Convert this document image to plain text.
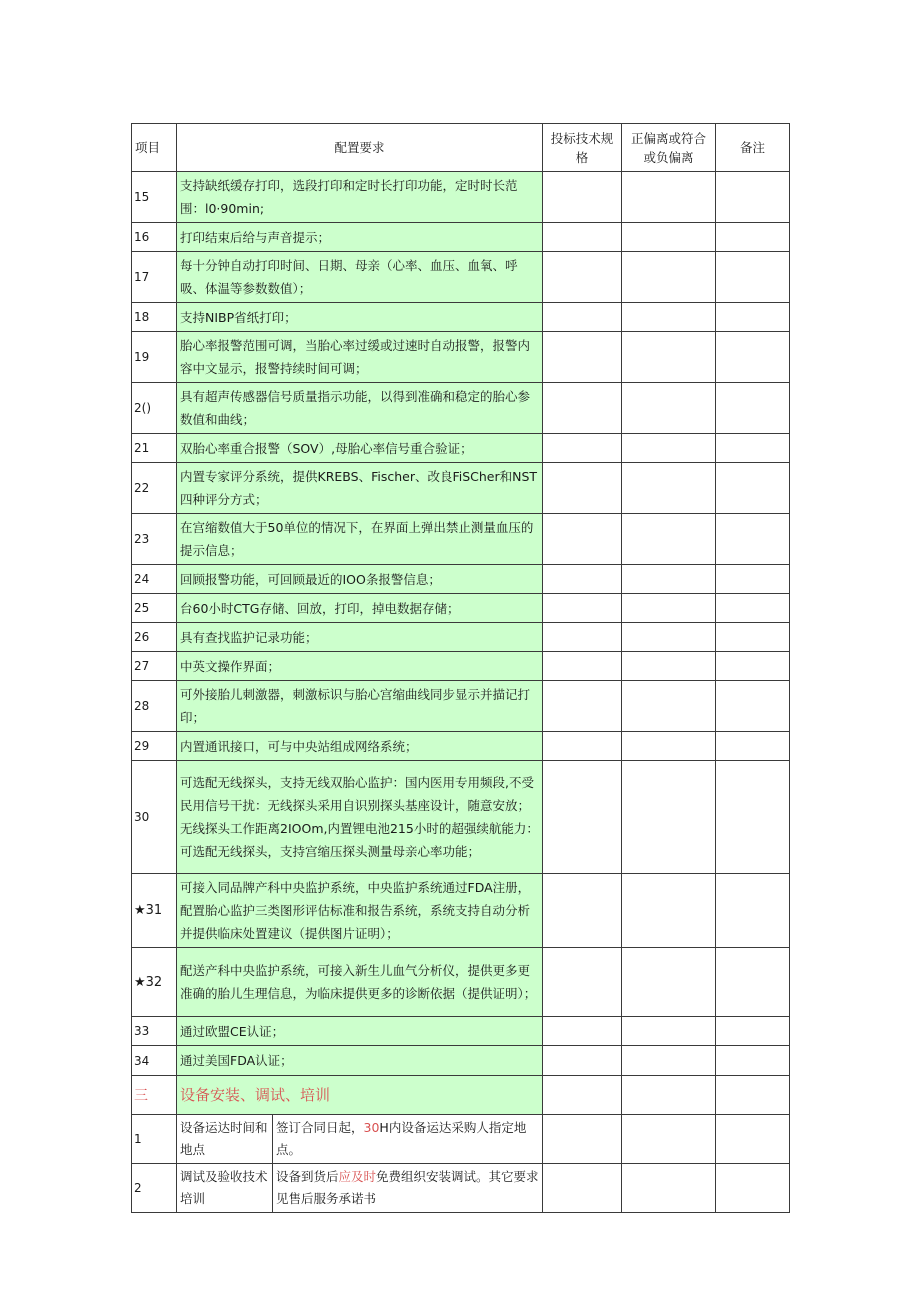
项目	配置要求		投标技术规格	正偏离或符合或负偏离	备注
15	支持缺纸缓存打印，选段打印和定时长打印功能，定时时长范围：l0·90min;				
16	打印结束后给与声音提示；				
17	每十分钟自动打印时间、日期、母亲（心率、血压、血氧、呼吸、体温等参数数值）；				
18	支持NIBP省纸打印；				
19	胎心率报警范围可调，当胎心率过缓或过速时自动报警，报警内容中文显示，报警持续时间可调；				
2()	具有超声传感器信号质量指示功能，以得到准确和稳定的胎心参数值和曲线；				
21	双胎心率重合报警（SOV）,母胎心率信号重合验证；				
22	内置专家评分系统，提供KREBS、Fischer、改良FiSCher和NST四种评分方式；				
23	在宫缩数值大于50单位的情况下，在界面上弹出禁止测量血压的提示信息；				
24	回顾报警功能，可回顾最近的IOO条报警信息；				
25	台60小时CTG存储、回放，打印，掉电数据存储；				
26	具有查找监护记录功能；				
27	中英文操作界面；				
28	可外接胎儿刺激器，刺激标识与胎心宫缩曲线同步显示并描记打印；				
29	内置通讯接口，可与中央站组成网络系统；				
30	可选配无线探头，支持无线双胎心监护：国内医用专用频段,不受民用信号干扰：无线探头采用自识别探头基座设计，随意安放；无线探头工作距离2IOOm,内置锂电池215小时的超强续航能力：可选配无线探头，支持宫缩压探头测量母亲心率功能；				
★31	可接入同品牌产科中央监护系统，中央监护系统通过FDA注册，配置胎心监护三类图形评估标准和报告系统，系统支持自动分析并提供临床处置建议（提供图片证明）；				
★32	配送产科中央监护系统，可接入新生儿血气分析仪，提供更多更准确的胎儿生理信息，为临床提供更多的诊断依据（提供证明）；				
33	通过欧盟CE认证；				
34	通过美国FDA认证；				
三	设备安装、调试、培训				
1	设备运达时间和地点	签订合同日起，30H内设备运达采购人指定地点。			
2	调试及验收技术培训	设备到货后应及时免费组织安装调试。其它要求见售后服务承诺书			
